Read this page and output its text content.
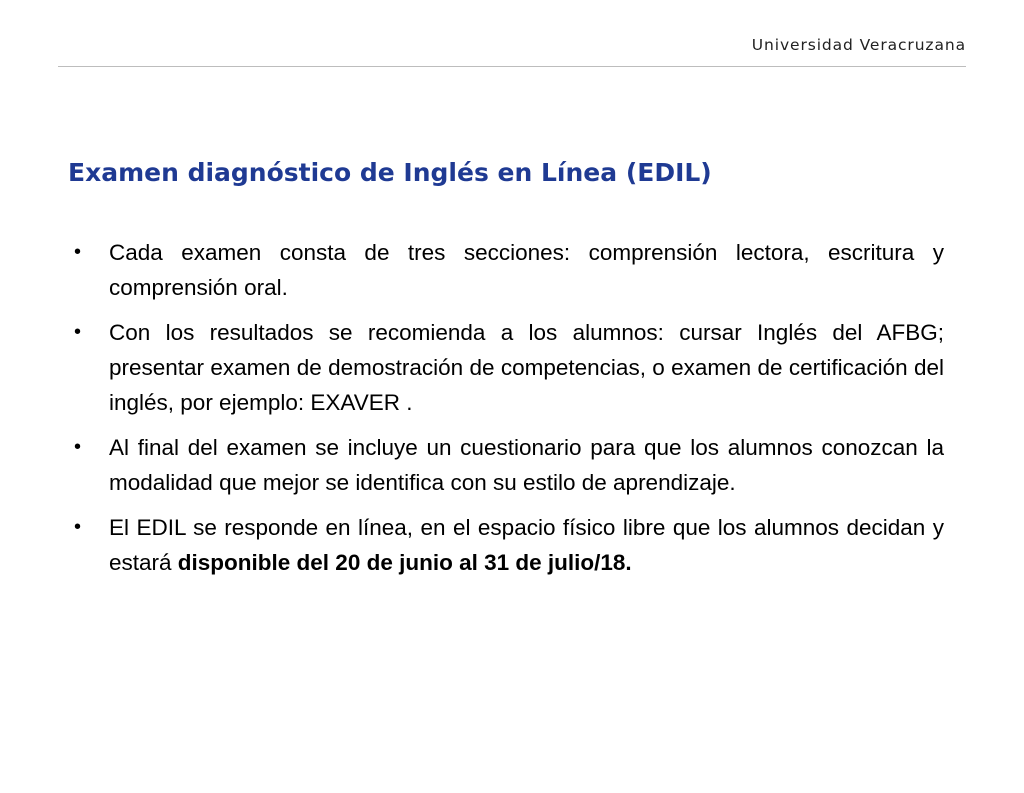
Universidad Veracruzana
Examen diagnóstico de Inglés en Línea (EDIL)
•	Cada examen consta de tres secciones: comprensión lectora, escritura y comprensión oral.
•	Con los resultados se recomienda a los alumnos: cursar Inglés del AFBG; presentar examen de demostración de competencias, o examen de certificación del inglés, por ejemplo: EXAVER .
•	Al final del examen se incluye un cuestionario para que los alumnos conozcan la modalidad que mejor se identifica con su estilo de aprendizaje.
•	El EDIL se responde en línea, en el espacio físico libre que los alumnos decidan y estará disponible del 20 de junio al 31 de julio/18.
